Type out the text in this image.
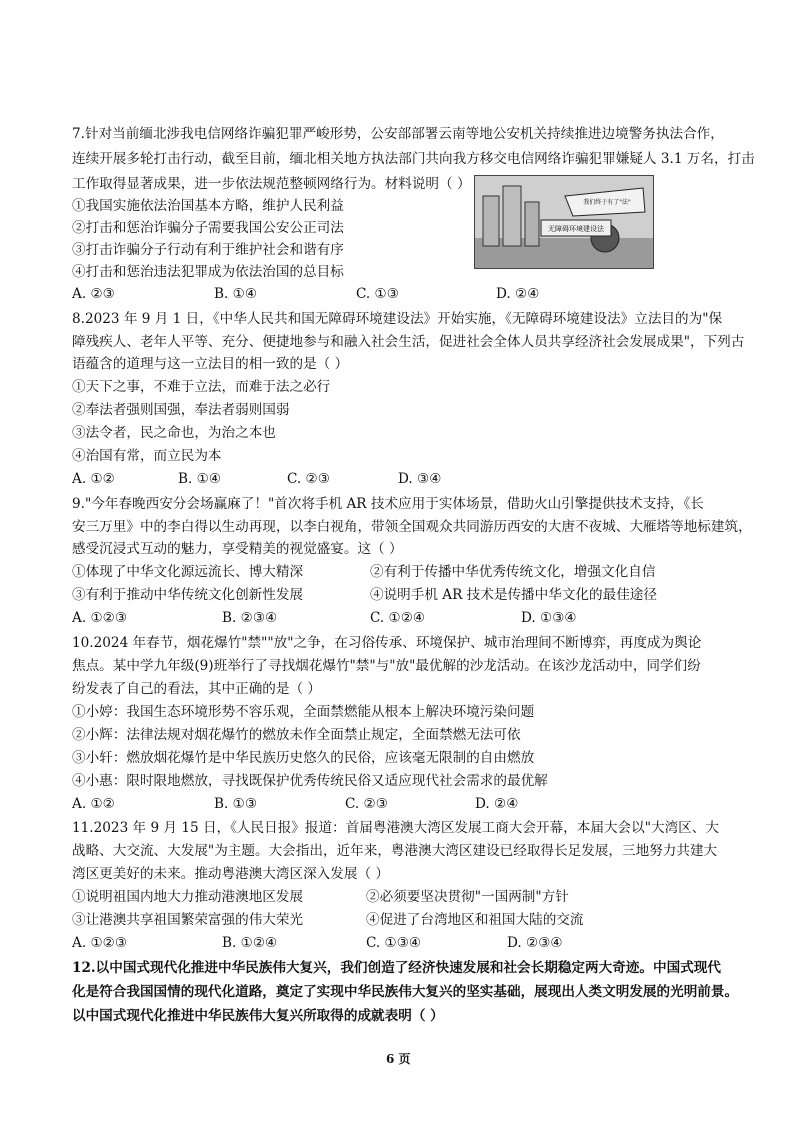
7.针对当前缅北涉我电信网络诈骗犯罪严峻形势，公安部部署云南等地公安机关持续推进边境警务执法合作，
连续开展多轮打击行动，截至目前，缅北相关地方执法部门共向我方移交电信网络诈骗犯罪嫌疑人 3.1 万名，打击
工作取得显著成果，进一步依法规范整顿网络行为。材料说明（ ）
①我国实施依法治国基本方略，维护人民利益
②打击和惩治诈骗分子需要我国公安公正司法
③打击诈骗分子行动有利于维护社会和谐有序
④打击和惩治违法犯罪成为依法治国的总目标
A. ②③	B. ①④	C. ①③	D. ②④
无障碍环境建设法
我们终于有了"法"
8.2023 年 9 月 1 日，《中华人民共和国无障碍环境建设法》开始实施，《无障碍环境建设法》立法目的为"保
障残疾人、老年人平等、充分、便捷地参与和融入社会生活，促进社会全体人员共享经济社会发展成果"，下列古
语蕴含的道理与这一立法目的相一致的是（ ）
①天下之事，不难于立法，而难于法之必行
②奉法者强则国强，奉法者弱则国弱
③法令者，民之命也，为治之本也
④治国有常，而立民为本
A. ①②	B. ①④	C. ②③	D. ③④
9."今年春晚西安分会场赢麻了！"首次将手机 AR 技术应用于实体场景，借助火山引擎提供技术支持，《长
安三万里》中的李白得以生动再现，以李白视角，带领全国观众共同游历西安的大唐不夜城、大雁塔等地标建筑，
感受沉浸式互动的魅力，享受精美的视觉盛宴。这（ ）
①体现了中华文化源远流长、博大精深	②有利于传播中华优秀传统文化，增强文化自信
③有利于推动中华传统文化创新性发展	④说明手机 AR 技术是传播中华文化的最佳途径
A. ①②③	B. ②③④	C. ①②④	D. ①③④
10.2024 年春节，烟花爆竹"禁""放"之争，在习俗传承、环境保护、城市治理间不断博弈，再度成为舆论
焦点。某中学九年级(9)班举行了寻找烟花爆竹"禁"与"放"最优解的沙龙活动。在该沙龙活动中，同学们纷
纷发表了自己的看法，其中正确的是（ ）
①小婷：我国生态环境形势不容乐观，全面禁燃能从根本上解决环境污染问题
②小辉：法律法规对烟花爆竹的燃放未作全面禁止规定，全面禁燃无法可依
③小轩：燃放烟花爆竹是中华民族历史悠久的民俗，应该毫无限制的自由燃放
④小惠：限时限地燃放，寻找既保护优秀传统民俗又适应现代社会需求的最优解
A. ①②	B. ①③	C. ②③	D. ②④
11.2023 年 9 月 15 日，《人民日报》报道：首届粤港澳大湾区发展工商大会开幕，本届大会以"大湾区、大
战略、大交流、大发展"为主题。大会指出，近年来，粤港澳大湾区建设已经取得长足发展，三地努力共建大
湾区更美好的未来。推动粤港澳大湾区深入发展（ ）
①说明祖国内地大力推动港澳地区发展	②必须要坚决贯彻"一国两制"方针
③让港澳共享祖国繁荣富强的伟大荣光	④促进了台湾地区和祖国大陆的交流
A. ①②③	B. ①②④	C. ①③④	D. ②③④
12.以中国式现代化推进中华民族伟大复兴，我们创造了经济快速发展和社会长期稳定两大奇迹。中国式现代
化是符合我国国情的现代化道路，奠定了实现中华民族伟大复兴的坚实基础，展现出人类文明发展的光明前景。
以中国式现代化推进中华民族伟大复兴所取得的成就表明（ ）
6 页
